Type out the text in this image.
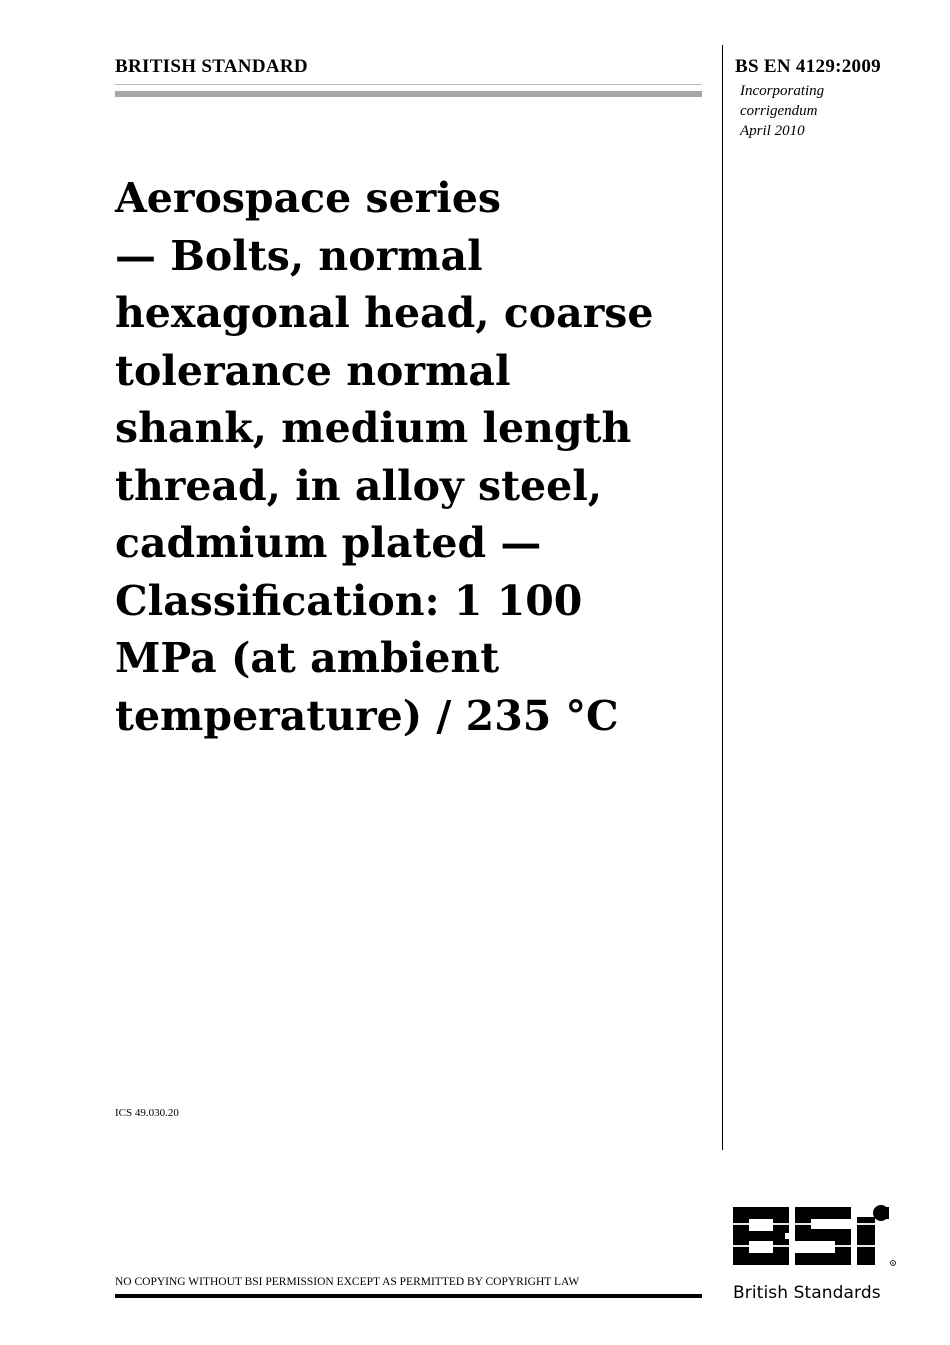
BRITISH STANDARD	BS EN 4129:2009
Incorporating
corrigendum
April 2010
Aerospace series
— Bolts, normal
hexagonal head, coarse
tolerance normal
shank, medium length
thread, in alloy steel,
cadmium plated —
Classification: 1 100
MPa (at ambient
temperature) / 235 °C
ICS 49.030.20
NO COPYING WITHOUT BSI PERMISSION EXCEPT AS PERMITTED BY COPYRIGHT LAW
R
British Standards
